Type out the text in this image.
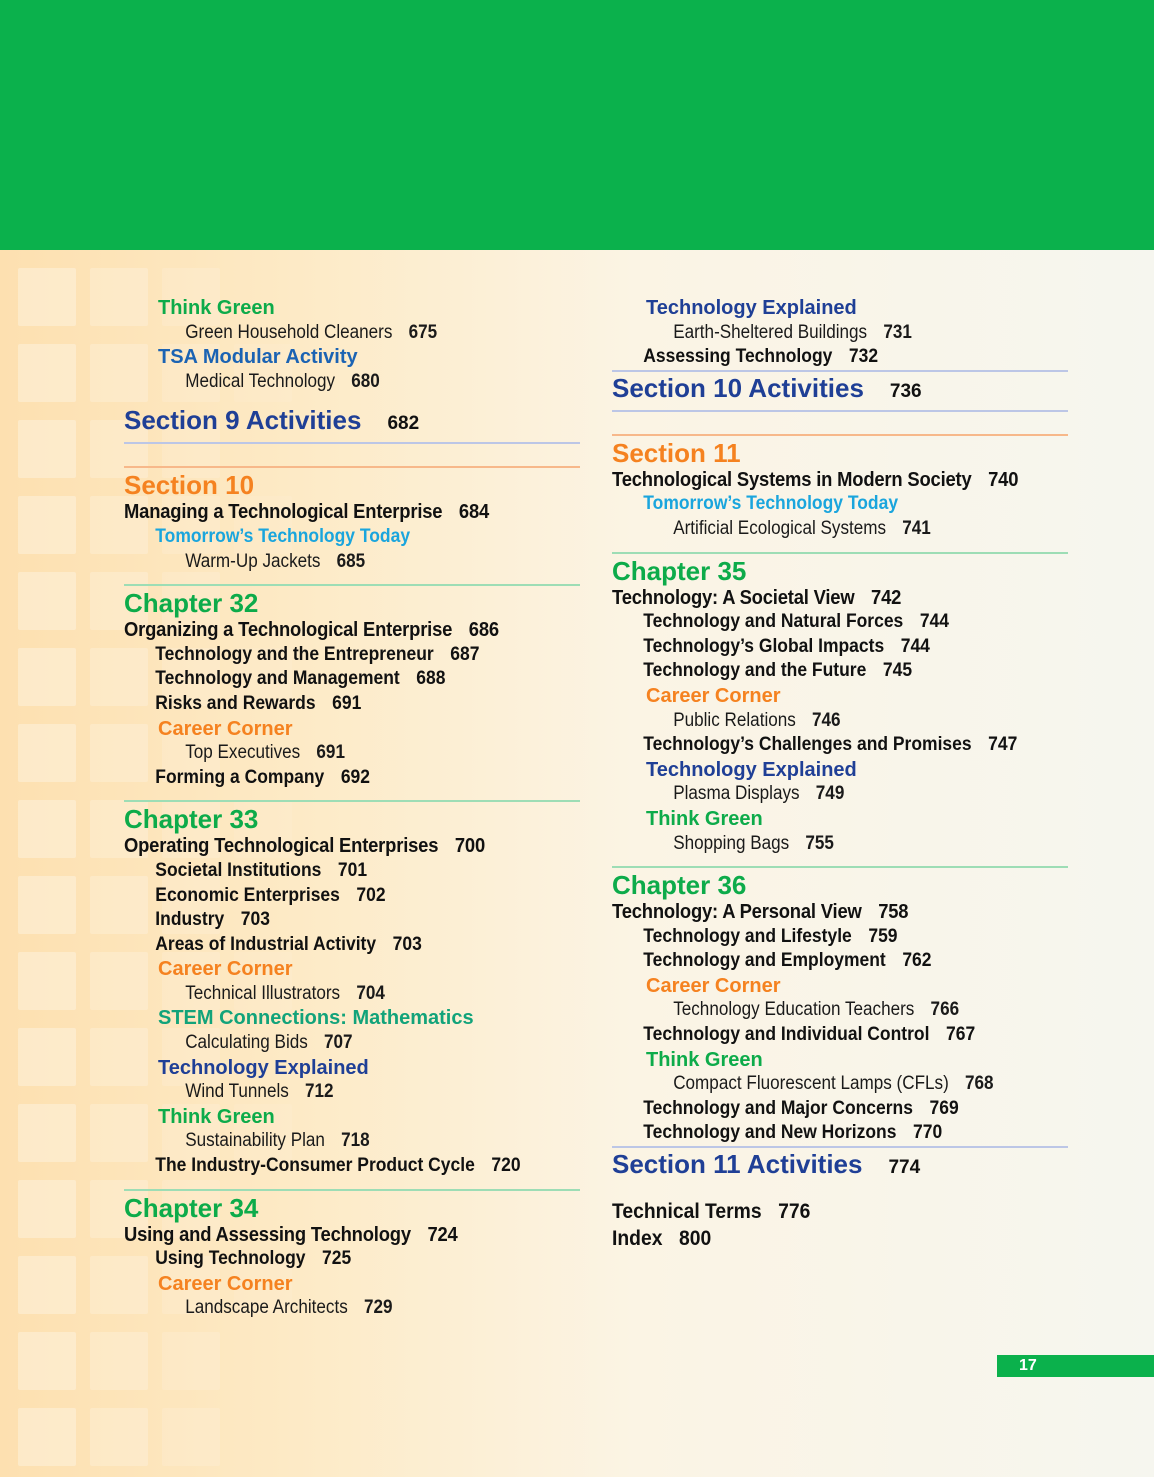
Think Green
Green Household Cleaners 675
TSA Modular Activity
Medical Technology 680
Section 9 Activities 682
Section 10
Managing a Technological Enterprise 684
Tomorrow’s Technology Today
Warm-Up Jackets 685
Chapter 32
Organizing a Technological Enterprise 686
Technology and the Entrepreneur 687
Technology and Management 688
Risks and Rewards 691
Career Corner
Top Executives 691
Forming a Company 692
Chapter 33
Operating Technological Enterprises 700
Societal Institutions 701
Economic Enterprises 702
Industry 703
Areas of Industrial Activity 703
Career Corner
Technical Illustrators 704
STEM Connections: Mathematics
Calculating Bids 707
Technology Explained
Wind Tunnels 712
Think Green
Sustainability Plan 718
The Industry-Consumer Product Cycle 720
Chapter 34
Using and Assessing Technology 724
Using Technology 725
Career Corner
Landscape Architects 729
Technology Explained
Earth-Sheltered Buildings 731
Assessing Technology 732
Section 10 Activities 736
Section 11
Technological Systems in Modern Society 740
Tomorrow’s Technology Today
Artificial Ecological Systems 741
Chapter 35
Technology: A Societal View 742
Technology and Natural Forces 744
Technology’s Global Impacts 744
Technology and the Future 745
Career Corner
Public Relations 746
Technology’s Challenges and Promises 747
Technology Explained
Plasma Displays 749
Think Green
Shopping Bags 755
Chapter 36
Technology: A Personal View 758
Technology and Lifestyle 759
Technology and Employment 762
Career Corner
Technology Education Teachers 766
Technology and Individual Control 767
Think Green
Compact Fluorescent Lamps (CFLs) 768
Technology and Major Concerns 769
Technology and New Horizons 770
Section 11 Activities 774
Technical Terms 776
Index 800
17
